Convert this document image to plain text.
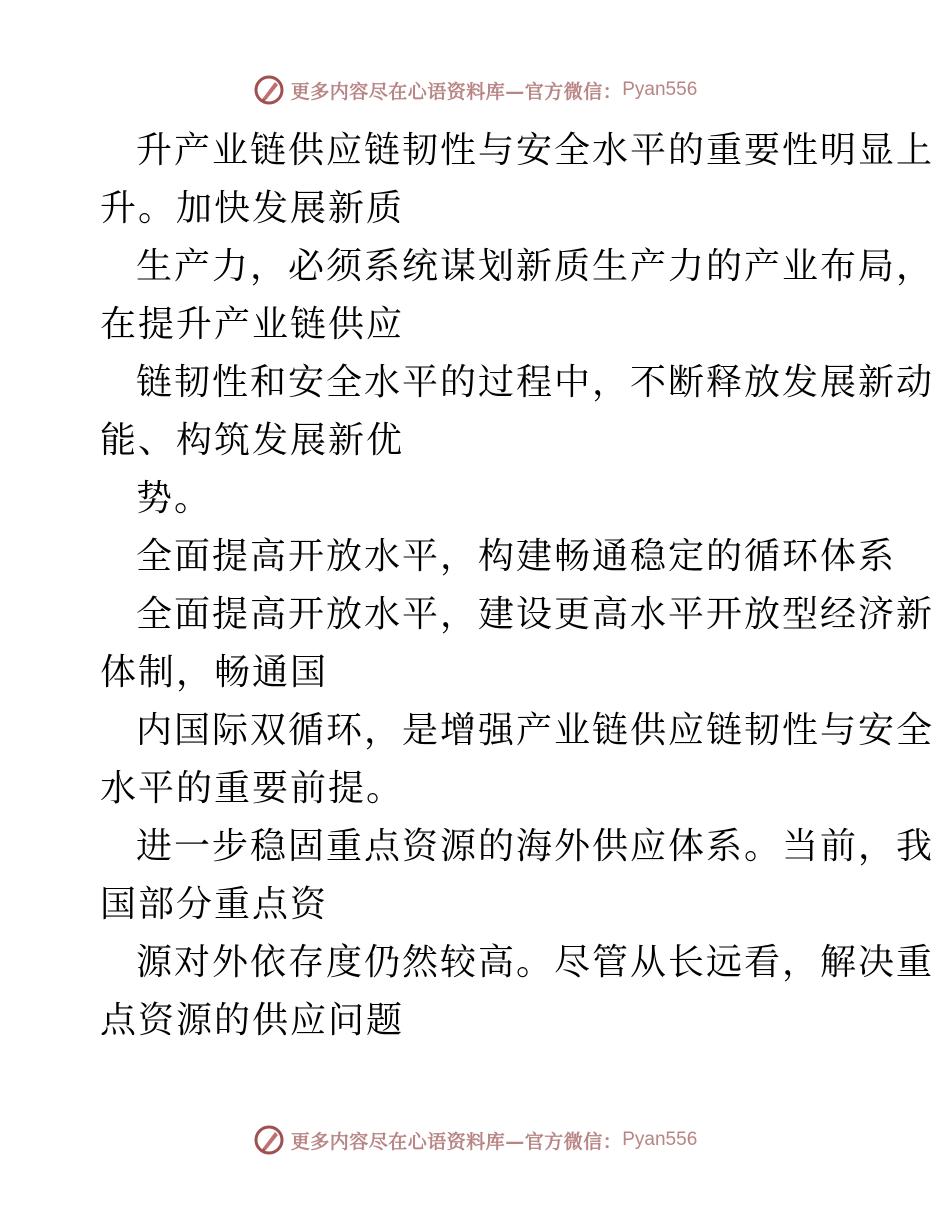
更多内容尽在心语资料库—官方微信： Pyan556
升产业链供应链韧性与安全水平的重要性明显上
升。加快发展新质
生产力，必须系统谋划新质生产力的产业布局，
在提升产业链供应
链韧性和安全水平的过程中，不断释放发展新动
能、构筑发展新优
势。
全面提高开放水平，构建畅通稳定的循环体系
全面提高开放水平，建设更高水平开放型经济新
体制，畅通国
内国际双循环，是增强产业链供应链韧性与安全
水平的重要前提。
进一步稳固重点资源的海外供应体系。当前，我
国部分重点资
源对外依存度仍然较高。尽管从长远看，解决重
点资源的供应问题
更多内容尽在心语资料库—官方微信： Pyan556
